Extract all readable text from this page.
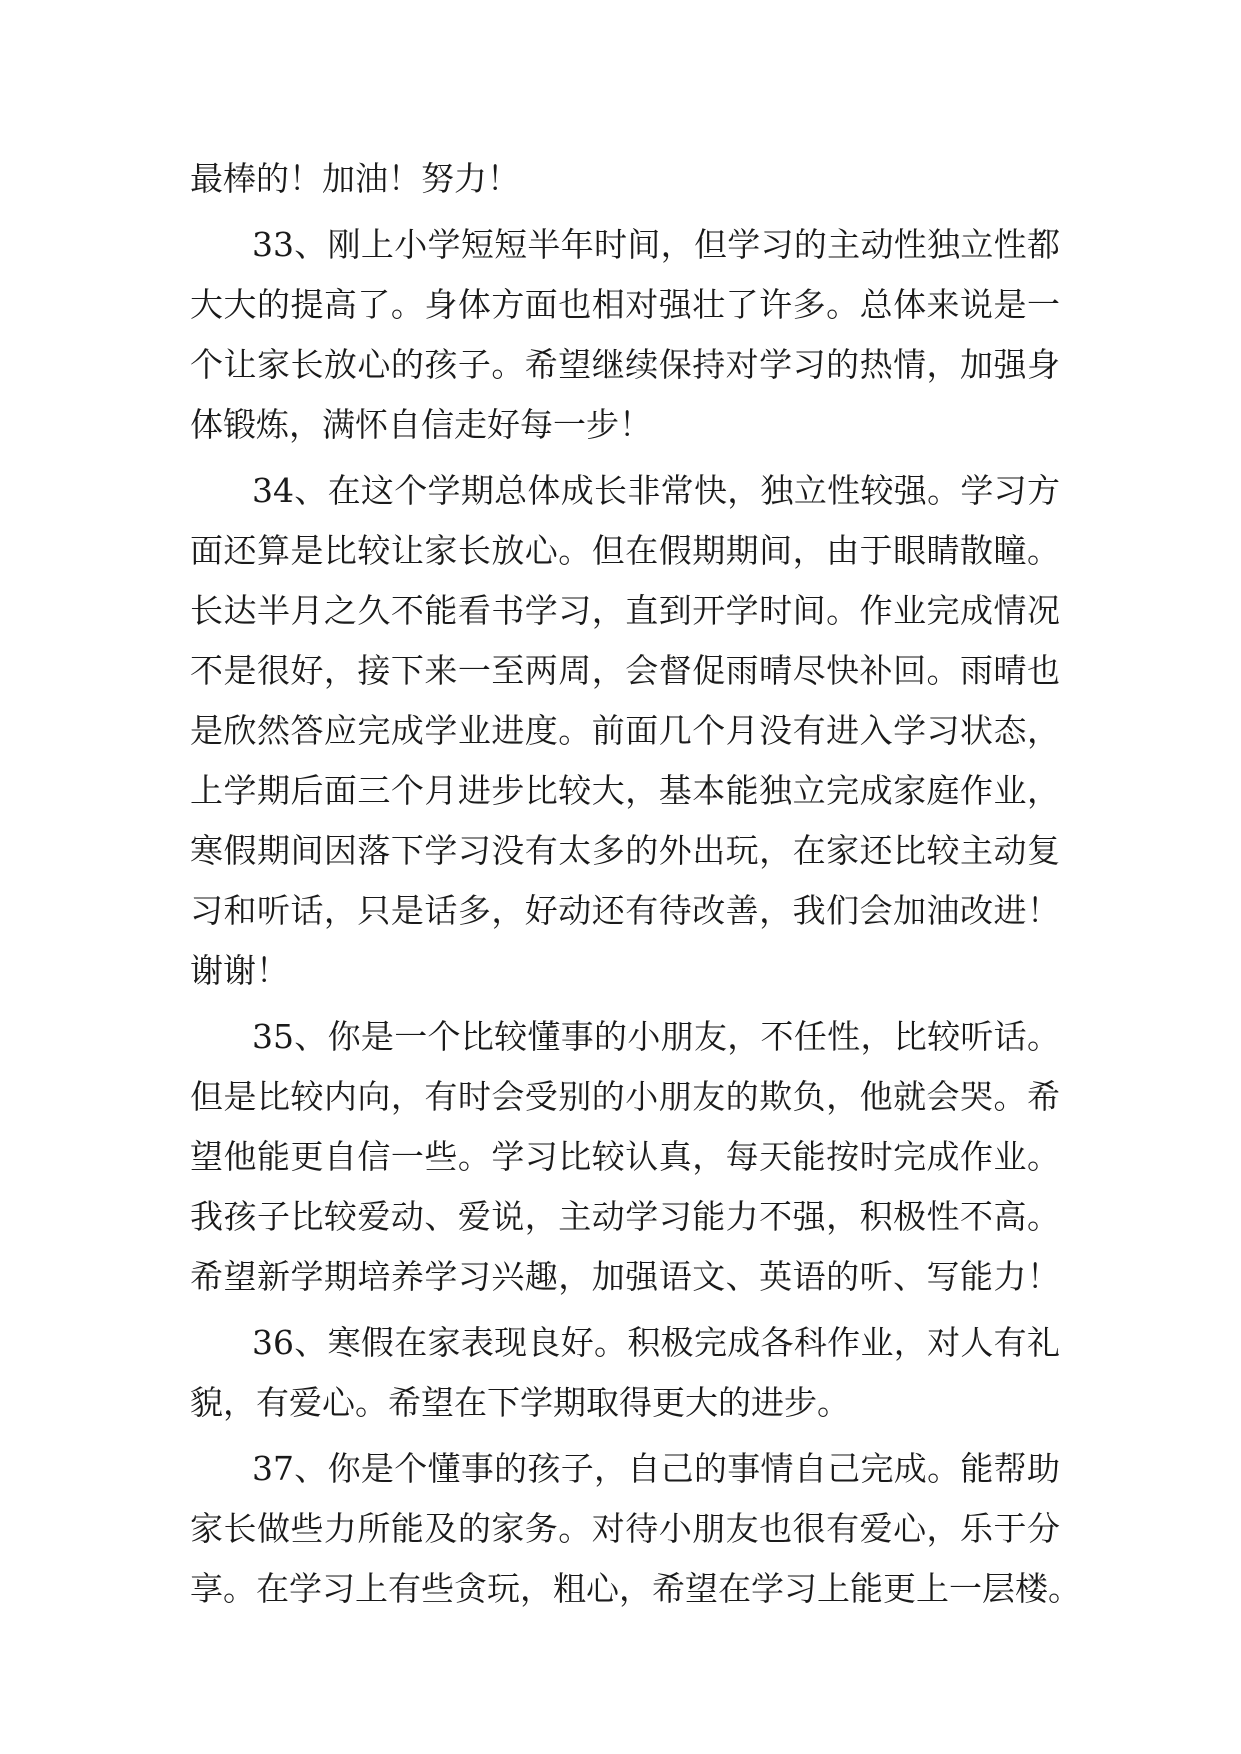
最棒的！加油！努力！
33、刚上小学短短半年时间，但学习的主动性独立性都
大大的提高了。身体方面也相对强壮了许多。总体来说是一
个让家长放心的孩子。希望继续保持对学习的热情，加强身
体锻炼，满怀自信走好每一步！
34、在这个学期总体成长非常快，独立性较强。学习方
面还算是比较让家长放心。但在假期期间，由于眼睛散瞳。
长达半月之久不能看书学习，直到开学时间。作业完成情况
不是很好，接下来一至两周，会督促雨晴尽快补回。雨晴也
是欣然答应完成学业进度。前面几个月没有进入学习状态，
上学期后面三个月进步比较大，基本能独立完成家庭作业，
寒假期间因落下学习没有太多的外出玩，在家还比较主动复
习和听话，只是话多，好动还有待改善，我们会加油改进！
谢谢！
35、你是一个比较懂事的小朋友，不任性，比较听话。
但是比较内向，有时会受别的小朋友的欺负，他就会哭。希
望他能更自信一些。学习比较认真，每天能按时完成作业。
我孩子比较爱动、爱说，主动学习能力不强，积极性不高。
希望新学期培养学习兴趣，加强语文、英语的听、写能力！
36、寒假在家表现良好。积极完成各科作业，对人有礼
貌，有爱心。希望在下学期取得更大的进步。
37、你是个懂事的孩子，自己的事情自己完成。能帮助
家长做些力所能及的家务。对待小朋友也很有爱心，乐于分
享。在学习上有些贪玩，粗心，希望在学习上能更上一层楼。
